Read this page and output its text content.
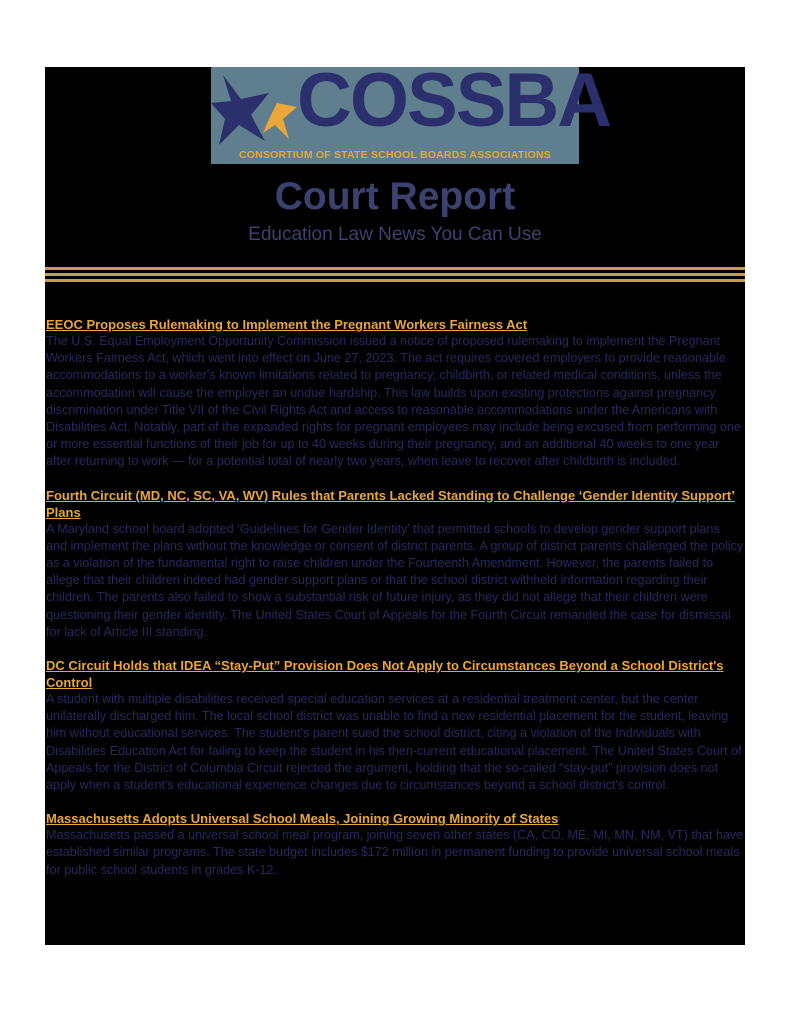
COSSBA
CONSORTIUM OF STATE SCHOOL BOARDS ASSOCIATIONS
Court Report
Education Law News You Can Use
EEOC Proposes Rulemaking to Implement the Pregnant Workers Fairness Act

The U.S. Equal Employment Opportunity Commission issued a notice of proposed rulemaking to implement the Pregnant Workers Fairness Act, which went into effect on June 27, 2023. The act requires covered employers to provide reasonable accommodations to a worker's known limitations related to pregnancy, childbirth, or related medical conditions, unless the accommodation will cause the employer an undue hardship. This law builds upon existing protections against pregnancy discrimination under Title VII of the Civil Rights Act and access to reasonable accommodations under the Americans with Disabilities Act. Notably, part of the expanded rights for pregnant employees may include being excused from performing one or more essential functions of their job for up to 40 weeks during their pregnancy, and an additional 40 weeks to one year after returning to work — for a potential total of nearly two years, when leave to recover after childbirth is included.

Fourth Circuit (MD, NC, SC, VA, WV) Rules that Parents Lacked Standing to Challenge ‘Gender Identity Support’ Plans

A Maryland school board adopted ‘Guidelines for Gender Identity’ that permitted schools to develop gender support plans and implement the plans without the knowledge or consent of district parents. A group of district parents challenged the policy as a violation of the fundamental right to raise children under the Fourteenth Amendment. However, the parents failed to allege that their children indeed had gender support plans or that the school district withheld information regarding their children. The parents also failed to show a substantial risk of future injury, as they did not allege that their children were questioning their gender identity. The United States Court of Appeals for the Fourth Circuit remanded the case for dismissal for lack of Article III standing.

DC Circuit Holds that IDEA “Stay-Put” Provision Does Not Apply to Circumstances Beyond a School District's Control

A student with multiple disabilities received special education services at a residential treatment center, but the center unilaterally discharged him. The local school district was unable to find a new residential placement for the student, leaving him without educational services. The student's parent sued the school district, citing a violation of the Individuals with Disabilities Education Act for failing to keep the student in his then-current educational placement. The United States Court of Appeals for the District of Columbia Circuit rejected the argument, holding that the so-called “stay-put” provision does not apply when a student's educational experience changes due to circumstances beyond a school district's control.

Massachusetts Adopts Universal School Meals, Joining Growing Minority of States

Massachusetts passed a universal school meal program, joining seven other states (CA, CO, ME, MI, MN, NM, VT) that have established similar programs. The state budget includes $172 million in permanent funding to provide universal school meals for public school students in grades K-12.
